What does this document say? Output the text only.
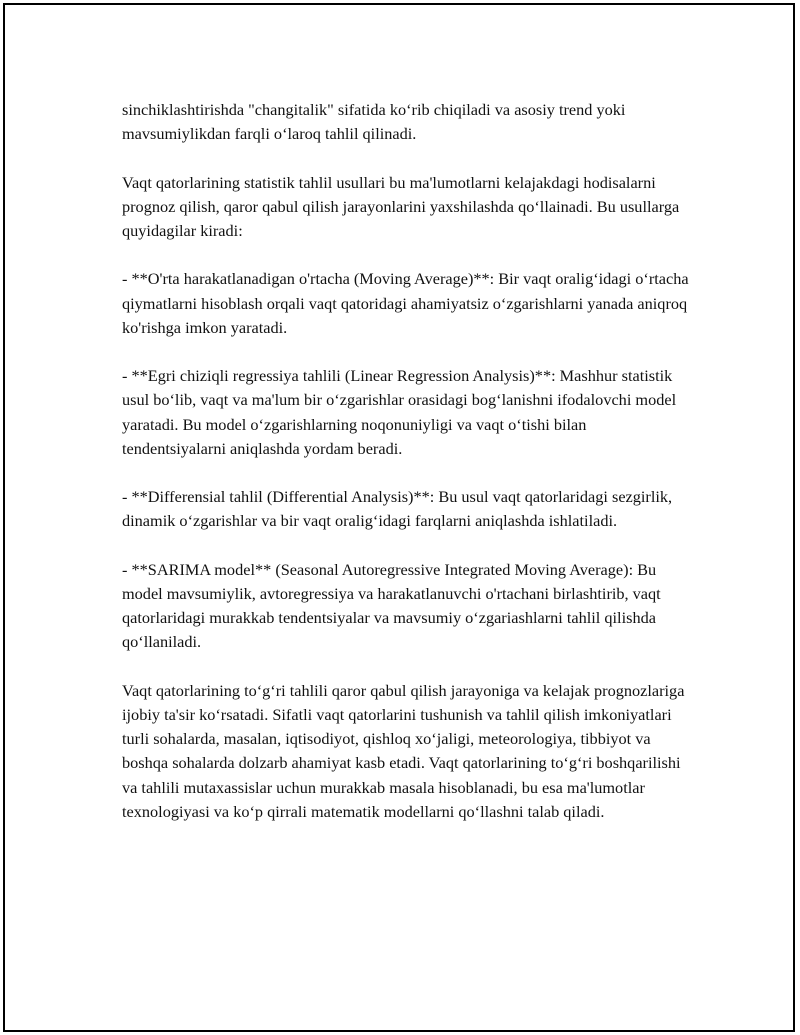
sinchiklashtirishda "changitalik" sifatida ko‘rib chiqiladi va asosiy trend yoki mavsumiylikdan farqli o‘laroq tahlil qilinadi.

Vaqt qatorlarining statistik tahlil usullari bu ma'lumotlarni kelajakdagi hodisalarni prognoz qilish, qaror qabul qilish jarayonlarini yaxshilashda qo‘llainadi. Bu usullarga quyidagilar kiradi:

- **O'rta harakatlanadigan o'rtacha (Moving Average)**: Bir vaqt oralig‘idagi o‘rtacha qiymatlarni hisoblash orqali vaqt qatoridagi ahamiyatsiz o‘zgarishlarni yanada aniqroq ko'rishga imkon yaratadi.

- **Egri chiziqli regressiya tahlili (Linear Regression Analysis)**: Mashhur statistik usul bo‘lib, vaqt va ma'lum bir o‘zgarishlar orasidagi bog‘lanishni ifodalovchi model yaratadi. Bu model o‘zgarishlarning noqonuniyligi va vaqt o‘tishi bilan tendentsiyalarni aniqlashda yordam beradi.

- **Differensial tahlil (Differential Analysis)**: Bu usul vaqt qatorlaridagi sezgirlik, dinamik o‘zgarishlar va bir vaqt oralig‘idagi farqlarni aniqlashda ishlatiladi.

- **SARIMA model** (Seasonal Autoregressive Integrated Moving Average): Bu model mavsumiylik, avtoregressiya va harakatlanuvchi o'rtachani birlashtirib, vaqt qatorlaridagi murakkab tendentsiyalar va mavsumiy o‘zgariashlarni tahlil qilishda qo‘llaniladi.

Vaqt qatorlarining to‘g‘ri tahlili qaror qabul qilish jarayoniga va kelajak prognozlariga ijobiy ta'sir ko‘rsatadi. Sifatli vaqt qatorlarini tushunish va tahlil qilish imkoniyatlari turli sohalarda, masalan, iqtisodiyot, qishloq xo‘jaligi, meteorologiya, tibbiyot va boshqa sohalarda dolzarb ahamiyat kasb etadi. Vaqt qatorlarining to‘g‘ri boshqarilishi va tahlili mutaxassislar uchun murakkab masala hisoblanadi, bu esa ma'lumotlar texnologiyasi va ko‘p qirrali matematik modellarni qo‘llashni talab qiladi.
